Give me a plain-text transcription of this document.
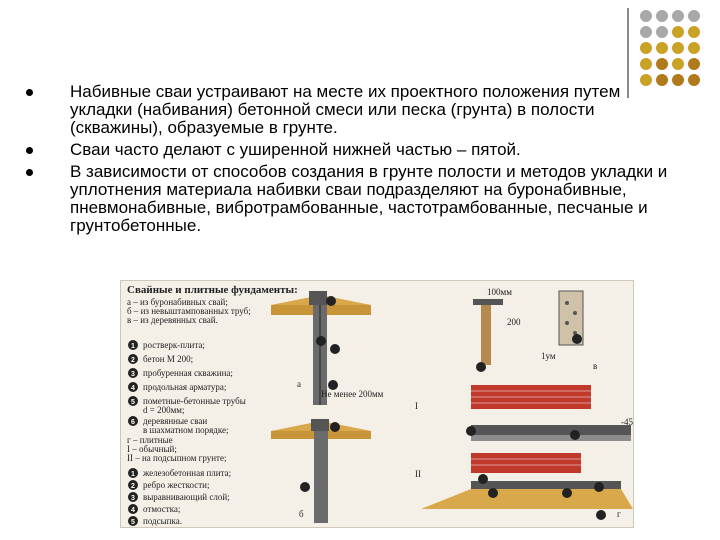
Набивные сваи устраивают на месте их проектного положения путем укладки (набивания) бетонной смеси или песка (грунта) в полости (скважины), образуемые в грунте.
Сваи часто делают с уширенной нижней частью – пятой.
В зависимости от способов создания в грунте полости и методов укладки и уплотнения материала набивки сваи подразделяют на буронабивные, пневмонабивные, вибротрамбованные, частотрамбованные, песчаные и грунтобетонные.
Свайные и плитные фундаменты:
а – из буронабивных свай;
б – из невыштампованных труб;
в – из деревянных свай.
1 ростверк-плита;
2 бетон М 200;
3 пробуренная скважина;
4 продольная арматура;
5 пометные-бетонные трубы
d = 200мм;
6 деревянные сваи
в шахматном порядке;
г – плитные
I – обычный;
II – на подсыпном грунте;
1 железобетонная плита;
2 ребро жесткости;
3 выравнивающий слой;
4 отмостка;
5 подсыпка.
а
Не менее 200мм
б
100мм
200
1ум
в
I
-45
II
г
